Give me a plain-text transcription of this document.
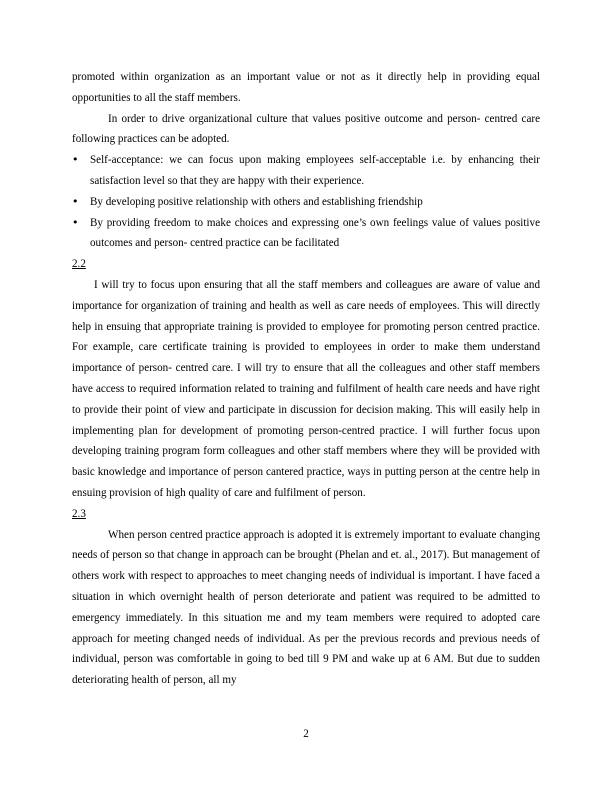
promoted within organization as an important value or not as it directly help in providing equal opportunities to all the staff members.

In order to drive organizational culture that values positive outcome and person- centred care following practices can be adopted.

• Self-acceptance: we can focus upon making employees self-acceptable i.e. by enhancing their satisfaction level so that they are happy with their experience.
• By developing positive relationship with others and establishing friendship
• By providing freedom to make choices and expressing one’s own feelings value of values positive outcomes and person- centred practice can be facilitated
2.2

I will try to focus upon ensuring that all the staff members and colleagues are aware of value and importance for organization of training and health as well as care needs of employees. This will directly help in ensuing that appropriate training is provided to employee for promoting person centred practice. For example, care certificate training is provided to employees in order to make them understand importance of person- centred care. I will try to ensure that all the colleagues and other staff members have access to required information related to training and fulfilment of health care needs and have right to provide their point of view and participate in discussion for decision making. This will easily help in implementing plan for development of promoting person-centred practice. I will further focus upon developing training program form colleagues and other staff members where they will be provided with basic knowledge and importance of person cantered practice, ways in putting person at the centre help in ensuing provision of high quality of care and fulfilment of person.

2.3

When person centred practice approach is adopted it is extremely important to evaluate changing needs of person so that change in approach can be brought (Phelan and et. al., 2017). But management of others work with respect to approaches to meet changing needs of individual is important. I have faced a situation in which overnight health of person deteriorate and patient was required to be admitted to emergency immediately. In this situation me and my team members were required to adopted care approach for meeting changed needs of individual. As per the previous records and previous needs of individual, person was comfortable in going to bed till 9 PM and wake up at 6 AM. But due to sudden deteriorating health of person, all my

2
